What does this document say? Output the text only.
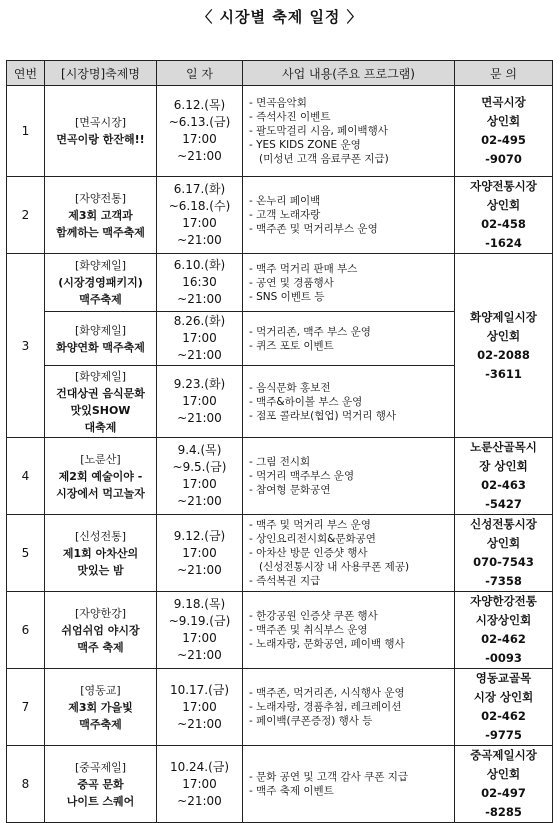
〈 시장별 축제 일정 〉
연번	[시장명]축제명	일 자	사업 내용(주요 프로그램)	문 의
1	[면곡시장]
면곡이랑 한잔해!!	6.12.(목)
~6.13.(금)
17:00
~21:00	- 면곡음악회
- 즉석사진 이벤트
- 팔도막걸리 시음, 페이백행사
- YES KIDS ZONE 운영
(미성년 고객 음료쿠폰 지급)	면곡시장
상인회
02-495
-9070

2	[자양전통]
제3회 고객과
함께하는 맥주축제	6.17.(화)
~6.18.(수)
17:00
~21:00	- 온누리 페이백
- 고객 노래자랑
- 맥주존 및 먹거리부스 운영	자양전통시장
상인회
02-458
-1624

3	[화양제일]
(시장경영패키지)
맥주축제	6.10.(화)
16:30
~21:00	- 맥주 먹거리 판매 부스
- 공연 및 경품행사
- SNS 이벤트 등	화양제일시장
상인회
02-2088
-3611

	[화양제일]
화양연화 맥주축제	8.26.(화)
17:00
~21:00	- 먹거리존, 맥주 부스 운영
- 퀴즈 포토 이벤트	

	[화양제일]
건대상권 음식문화
맛있SHOW
대축제	9.23.(화)
17:00
~21:00	- 음식문화 홍보전
- 맥주&하이볼 부스 운영
- 점포 콜라보(협업) 먹거리 행사	

4	[노룬산]
제2회 예술이야 -
시장에서 먹고놀자	9.4.(목)
~9.5.(금)
17:00
~21:00	- 그림 전시회
- 먹거리 맥주부스 운영
- 참여형 문화공연	노룬산골목시
장 상인회
02-463
-5427

5	[신성전통]
제1회 아차산의
맛있는 밤	9.12.(금)
17:00
~21:00	- 맥주 및 먹거리 부스 운영
- 상인요리전시회&문화공연
- 아차산 방문 인증샷 행사
(신성전통시장 내 사용쿠폰 제공)
- 즉석복권 지급	신성전통시장
상인회
070-7543
-7358

6	[자양한강]
쉬엄쉬엄 야시장
맥주 축제	9.18.(목)
~9.19.(금)
17:00
~21:00	- 한강공원 인증샷 쿠폰 행사
- 맥주존 및 취식부스 운영
- 노래자랑, 문화공연, 페이백 행사	자양한강전통
시장상인회
02-462
-0093

7	[영동교]
제3회 가을빛
맥주축제	10.17.(금)
17:00
~21:00	- 맥주존, 먹거리존, 시식행사 운영
- 노래자랑, 경품추첨, 레크레이션
- 페이백(쿠폰증정) 행사 등	영동교골목
시장 상인회
02-462
-9775

8	[중곡제일]
중곡 문화
나이트 스퀘어	10.24.(금)
17:00
~21:00	- 문화 공연 및 고객 감사 쿠폰 지급
- 맥주 축제 이벤트	중곡제일시장
상인회
02-497
-8285
